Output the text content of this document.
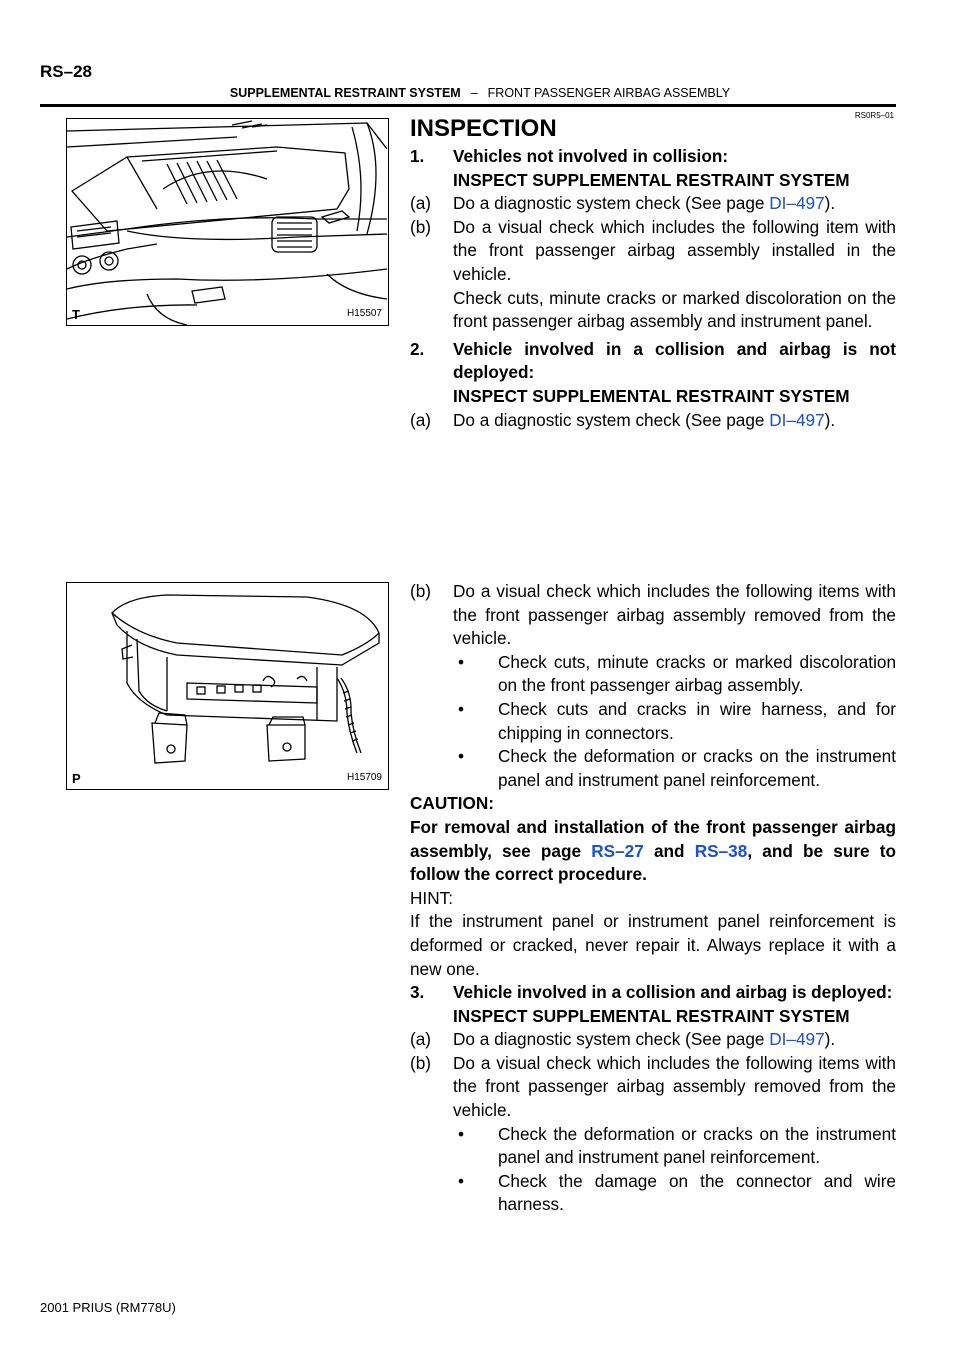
RS–28
SUPPLEMENTAL RESTRAINT SYSTEM – FRONT PASSENGER AIRBAG ASSEMBLY
RS0R5–01
T	H15507
P	H15709
INSPECTION
1.	Vehicles not involved in collision:
INSPECT SUPPLEMENTAL RESTRAINT SYSTEM
(a)	Do a diagnostic system check (See page DI–497).
(b)	Do a visual check which includes the following item with the front passenger airbag assembly installed in the vehicle.
Check cuts, minute cracks or marked discoloration on the front passenger airbag assembly and instrument panel.
2.	Vehicle involved in a collision and airbag is not deployed:
INSPECT SUPPLEMENTAL RESTRAINT SYSTEM
(a)	Do a diagnostic system check (See page DI–497).
(b)	Do a visual check which includes the following items with the front passenger airbag assembly removed from the vehicle.
•	Check cuts, minute cracks or marked discoloration on the front passenger airbag assembly.
•	Check cuts and cracks in wire harness, and for chipping in connectors.
•	Check the deformation or cracks on the instrument panel and instrument panel reinforcement.
CAUTION:
For removal and installation of the front passenger airbag assembly, see page RS–27 and RS–38, and be sure to follow the correct procedure.
HINT:
If the instrument panel or instrument panel reinforcement is deformed or cracked, never repair it. Always replace it with a new one.
3.	Vehicle involved in a collision and airbag is deployed:
INSPECT SUPPLEMENTAL RESTRAINT SYSTEM
(a)	Do a diagnostic system check (See page DI–497).
(b)	Do a visual check which includes the following items with the front passenger airbag assembly removed from the vehicle.
•	Check the deformation or cracks on the instrument panel and instrument panel reinforcement.
•	Check the damage on the connector and wire harness.
2001 PRIUS (RM778U)
